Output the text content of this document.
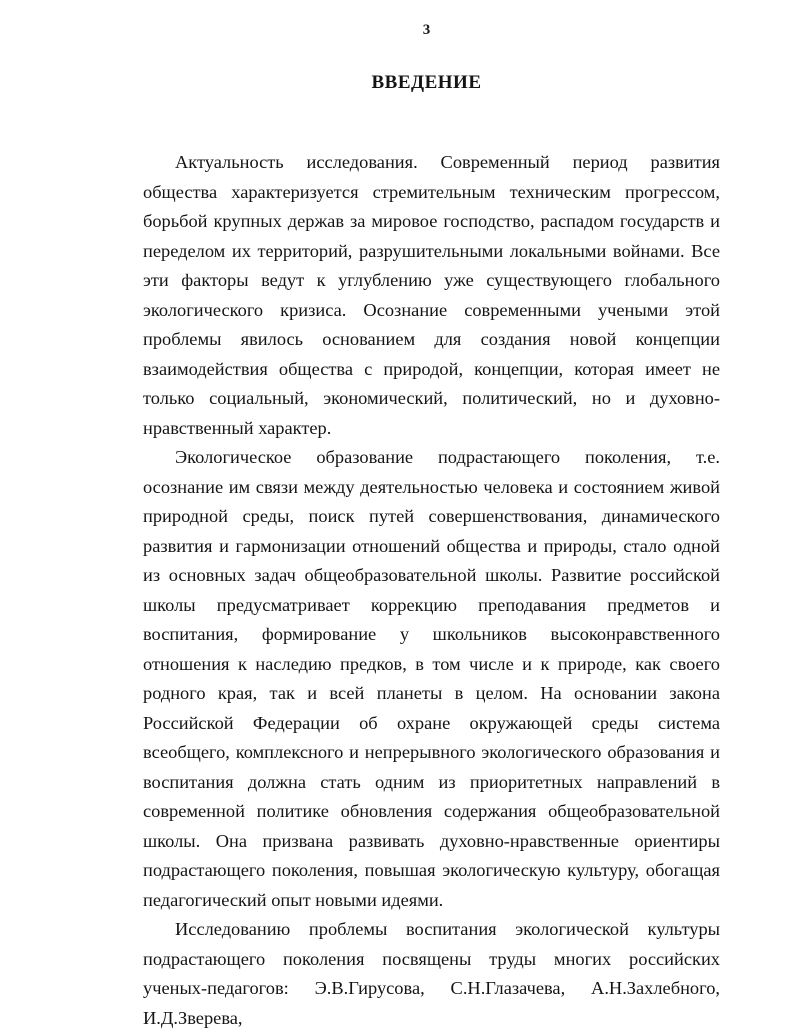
3
ВВЕДЕНИЕ

Актуальность исследования. Современный период развития общества характеризуется стремительным техническим прогрессом, борьбой крупных держав за мировое господство, распадом государств и переделом их территорий, разрушительными локальными войнами. Все эти факторы ведут к углублению уже существующего глобального экологического кризиса. Осознание современными учеными этой проблемы явилось основанием для создания новой концепции взаимодействия общества с природой, концепции, которая имеет не только социальный, экономический, политический, но и духовно-нравственный характер.

Экологическое образование подрастающего поколения, т.е. осознание им связи между деятельностью человека и состоянием живой природной среды, поиск путей совершенствования, динамического развития и гармонизации отношений общества и природы, стало одной из основных задач общеобразовательной школы. Развитие российской школы предусматривает коррекцию преподавания предметов и воспитания, формирование у школьников высоконравственного отношения к наследию предков, в том числе и к природе, как своего родного края, так и всей планеты в целом. На основании закона Российской Федерации об охране окружающей среды система всеобщего, комплексного и непрерывного экологического образования и воспитания должна стать одним из приоритетных направлений в современной политике обновления содержания общеобразовательной школы. Она призвана развивать духовно-нравственные ориентиры подрастающего поколения, повышая экологическую культуру, обогащая педагогический опыт новыми идеями.

Исследованию проблемы воспитания экологической культуры подрастающего поколения посвящены труды многих российских ученых-педагогов: Э.В.Гирусова, С.Н.Глазачева, А.Н.Захлебного, И.Д.Зверева,
